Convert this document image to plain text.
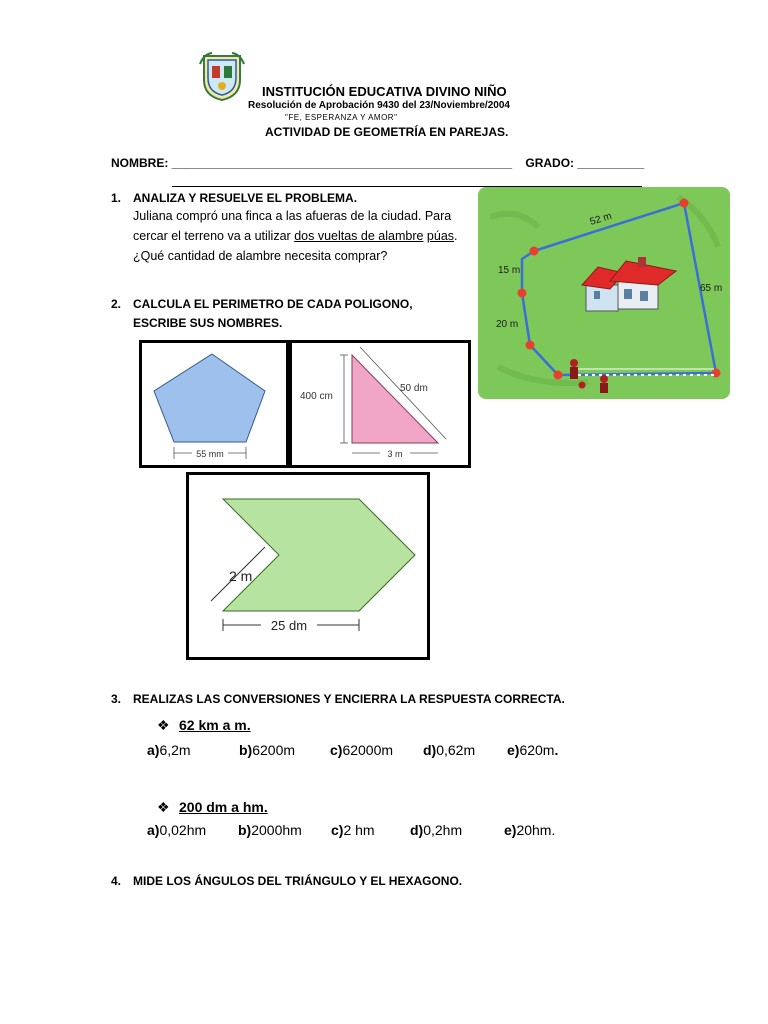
INSTITUCIÓN EDUCATIVA DIVINO NIÑO
Resolución de Aprobación 9430 del 23/Noviembre/2004
"FE, ESPERANZA Y AMOR"
ACTIVIDAD DE GEOMETRÍA EN PAREJAS.
NOMBRE: ___________________________________________________ GRADO: __________
1. ANALIZA Y RESUELVE EL PROBLEMA.
Juliana compró una finca a las afueras de la ciudad. Para cercar el terreno va a utilizar dos vueltas de alambre púas. ¿Qué cantidad de alambre necesita comprar?
52 m
65 m
15 m
20 m
2. CALCULA EL PERIMETRO DE CADA POLIGONO,
ESCRIBE SUS NOMBRES.
55 mm
400 cm
50 dm
3 m
2 m
25 dm
3. REALIZAS LAS CONVERSIONES Y ENCIERRA LA RESPUESTA CORRECTA.
❖ 62 km a m.
a)6,2m	b)6200m c)62000m d)0,62m e)620m.
❖ 200 dm a hm.
a)0,02hm b)2000hm c)2 hm	d)0,2hm	e)20hm.
4. MIDE LOS ÁNGULOS DEL TRIÁNGULO Y EL HEXAGONO.
